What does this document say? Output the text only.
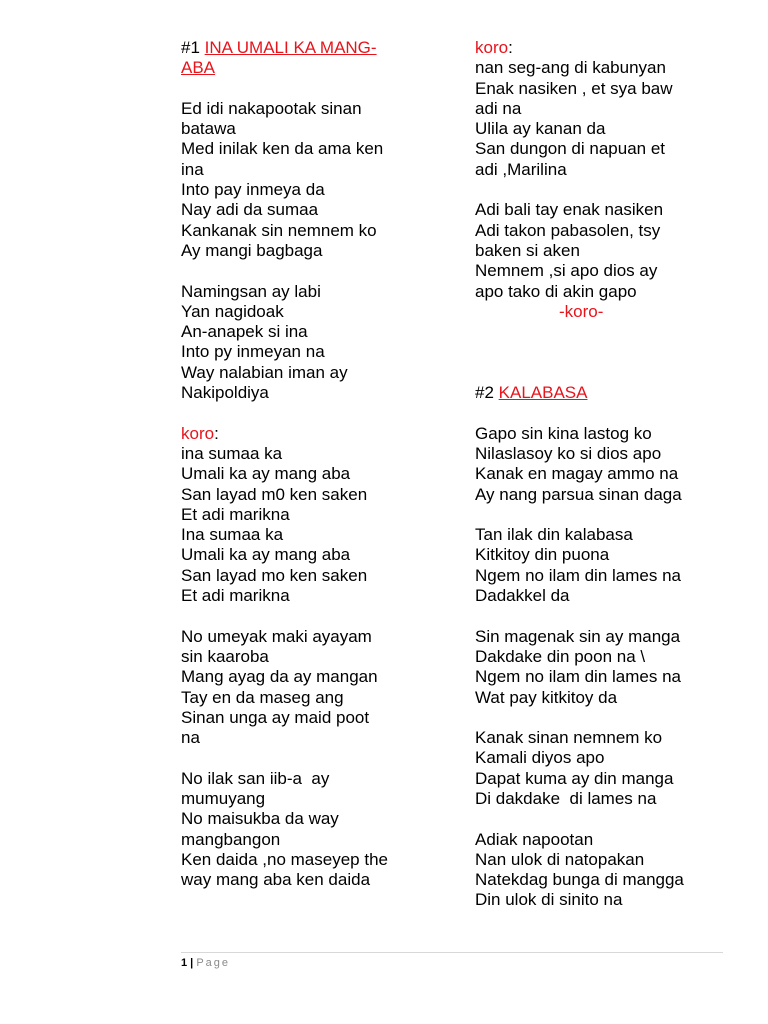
#1 INA UMALI KA MANG-
ABA
Ed idi nakapootak sinan
batawa
Med inilak ken da ama ken
ina
Into pay inmeya da
Nay adi da sumaa
Kankanak sin nemnem ko
Ay mangi bagbaga
Namingsan ay labi
Yan nagidoak
An-anapek si ina
Into py inmeyan na
Way nalabian iman ay
Nakipoldiya
koro:
ina sumaa ka
Umali ka ay mang aba
San layad m0 ken saken
Et adi marikna
Ina sumaa ka
Umali ka ay mang aba
San layad mo ken saken
Et adi marikna
No umeyak maki ayayam
sin kaaroba
Mang ayag da ay mangan
Tay en da maseg ang
Sinan unga ay maid poot
na
No ilak san iib-a  ay
mumuyang
No maisukba da way
mangbangon
Ken daida ,no maseyep the
way mang aba ken daida
koro:
nan seg-ang di kabunyan
Enak nasiken , et sya baw
adi na
Ulila ay kanan da
San dungon di napuan et
adi ,Marilina
Adi bali tay enak nasiken
Adi takon pabasolen, tsy
baken si aken
Nemnem ,si apo dios ay
apo tako di akin gapo
-koro-
#2 KALABASA
Gapo sin kina lastog ko
Nilaslasoy ko si dios apo
Kanak en magay ammo na
Ay nang parsua sinan daga
Tan ilak din kalabasa
Kitkitoy din puona
Ngem no ilam din lames na
Dadakkel da
Sin magenak sin ay manga
Dakdake din poon na \
Ngem no ilam din lames na
Wat pay kitkitoy da
Kanak sinan nemnem ko
Kamali diyos apo
Dapat kuma ay din manga
Di dakdake  di lames na
Adiak napootan
Nan ulok di natopakan
Natekdag bunga di mangga
Din ulok di sinito na
1 | Page
